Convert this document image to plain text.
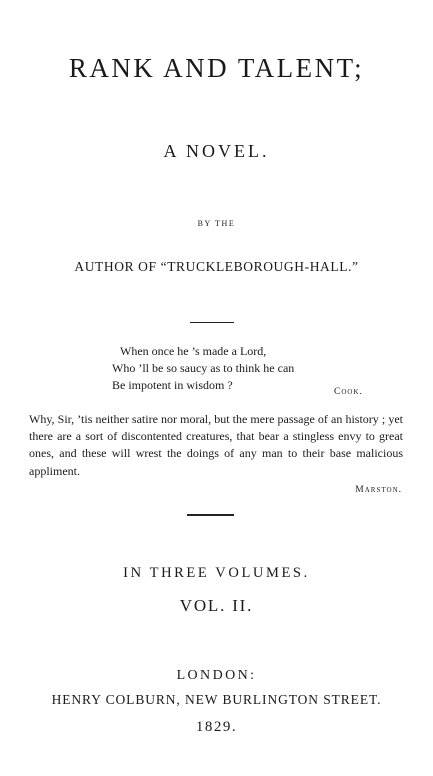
RANK AND TALENT;
A NOVEL.
BY THE
AUTHOR OF “TRUCKLEBOROUGH-HALL.”
When once he ’s made a Lord,
Who ’ll be so saucy as to think he can
Be impotent in wisdom ?	Cook.
Why, Sir, ’tis neither satire nor moral, but the mere passage of an history ; yet there are a sort of discontented creatures, that bear a stingless envy to great ones, and these will wrest the doings of any man to their base malicious appliment.
Marston.
IN THREE VOLUMES.
VOL. II.
LONDON:
HENRY COLBURN, NEW BURLINGTON STREET.
1829.
